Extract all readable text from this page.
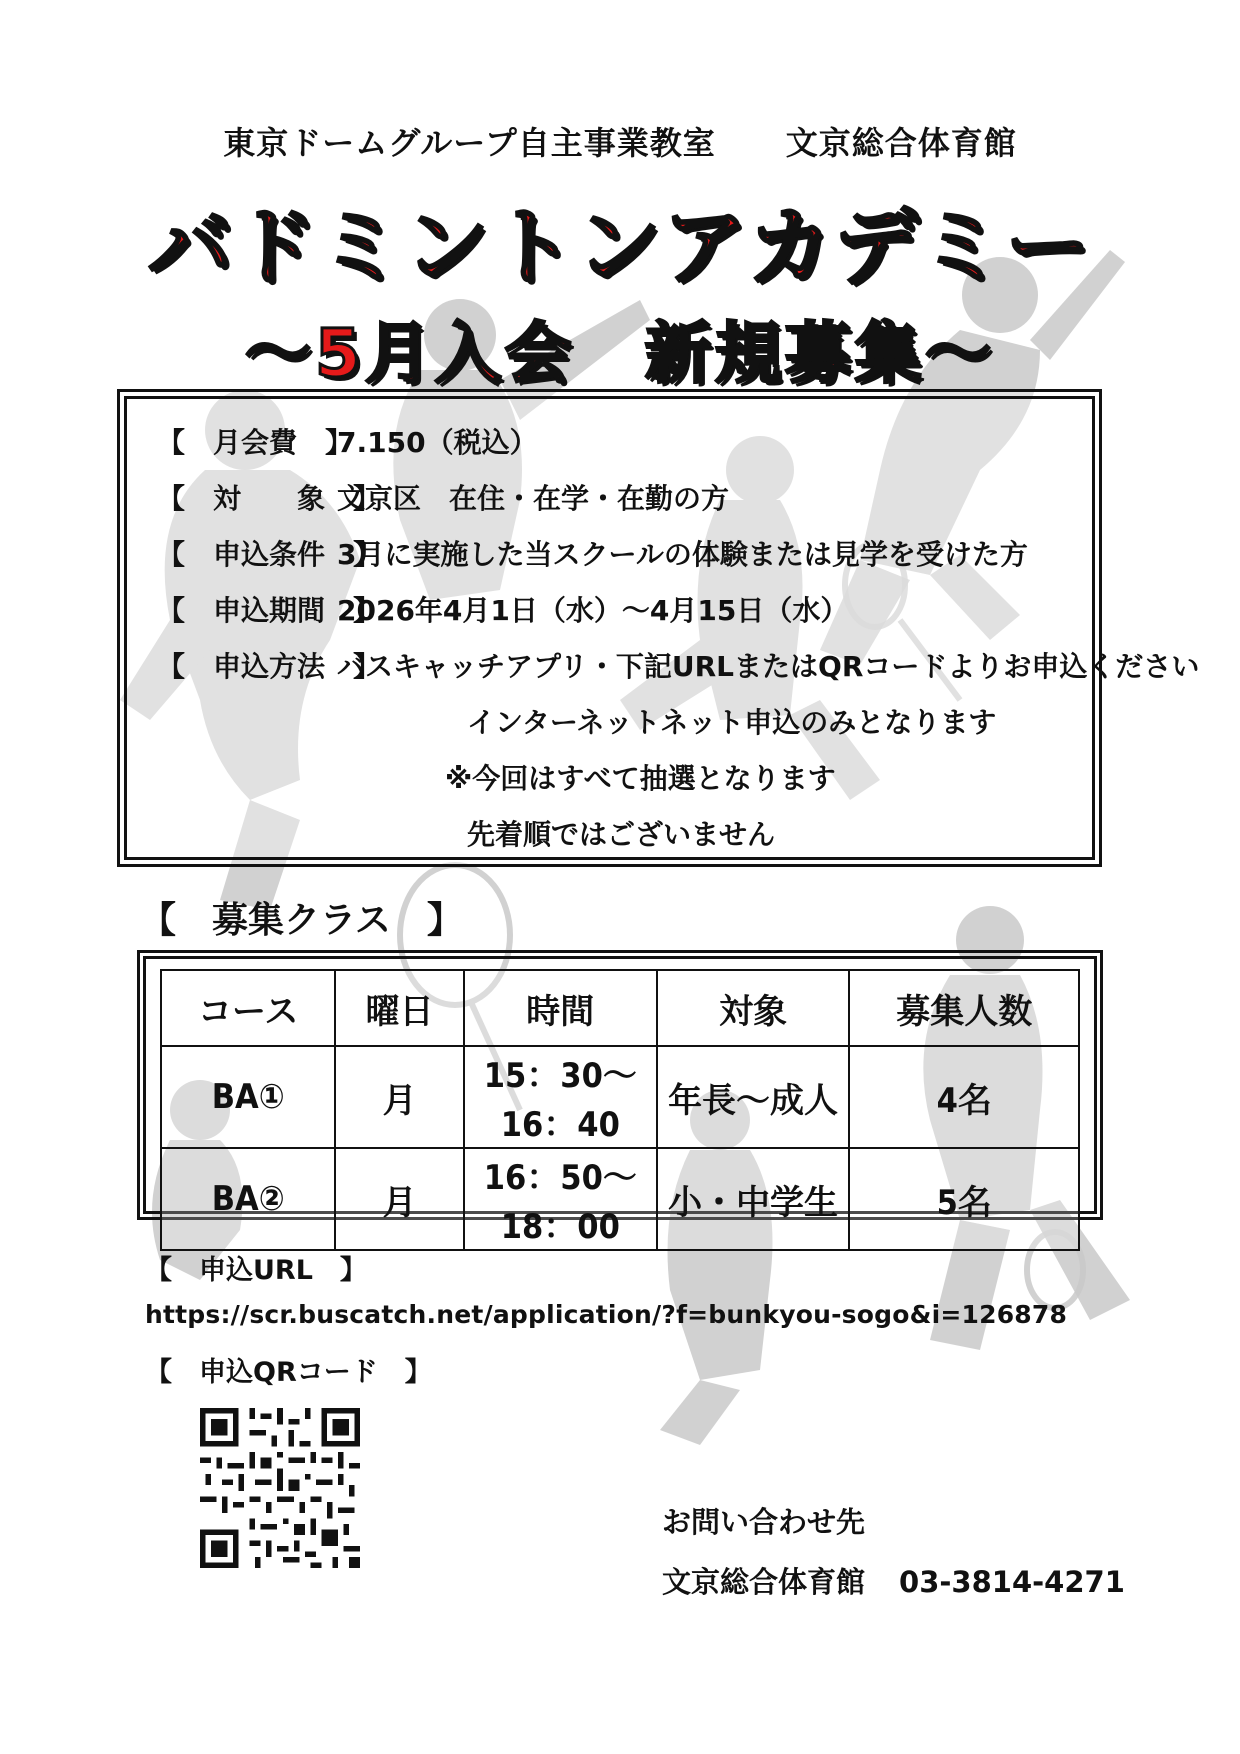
東京ドームグループ自主事業教室 文京総合体育館
バドミントンアカデミー
～5月入会 新規募集～
【　月会費　】7.150（税込）
【　対　　象　】文京区　在住・在学・在勤の方
【　申込条件　】3月に実施した当スクールの体験または見学を受けた方
【　申込期間　】2026年4月1日（水）～4月15日（水）
【　申込方法　】バスキャッチアプリ・下記URLまたはQRコードよりお申込ください
インターネットネット申込のみとなります
※今回はすべて抽選となります
先着順ではございません
【　募集クラス　】
コース	曜日	時間	対象	募集人数
BA①	月	15：30～16：40	年長～成人	4名
BA②	月	16：50～18：00	小・中学生	5名
【　申込URL　】
https://scr.buscatch.net/application/?f=bunkyou-sogo&i=126878
【　申込QRコード　】
お問い合わせ先
文京総合体育館 03-3814-4271
